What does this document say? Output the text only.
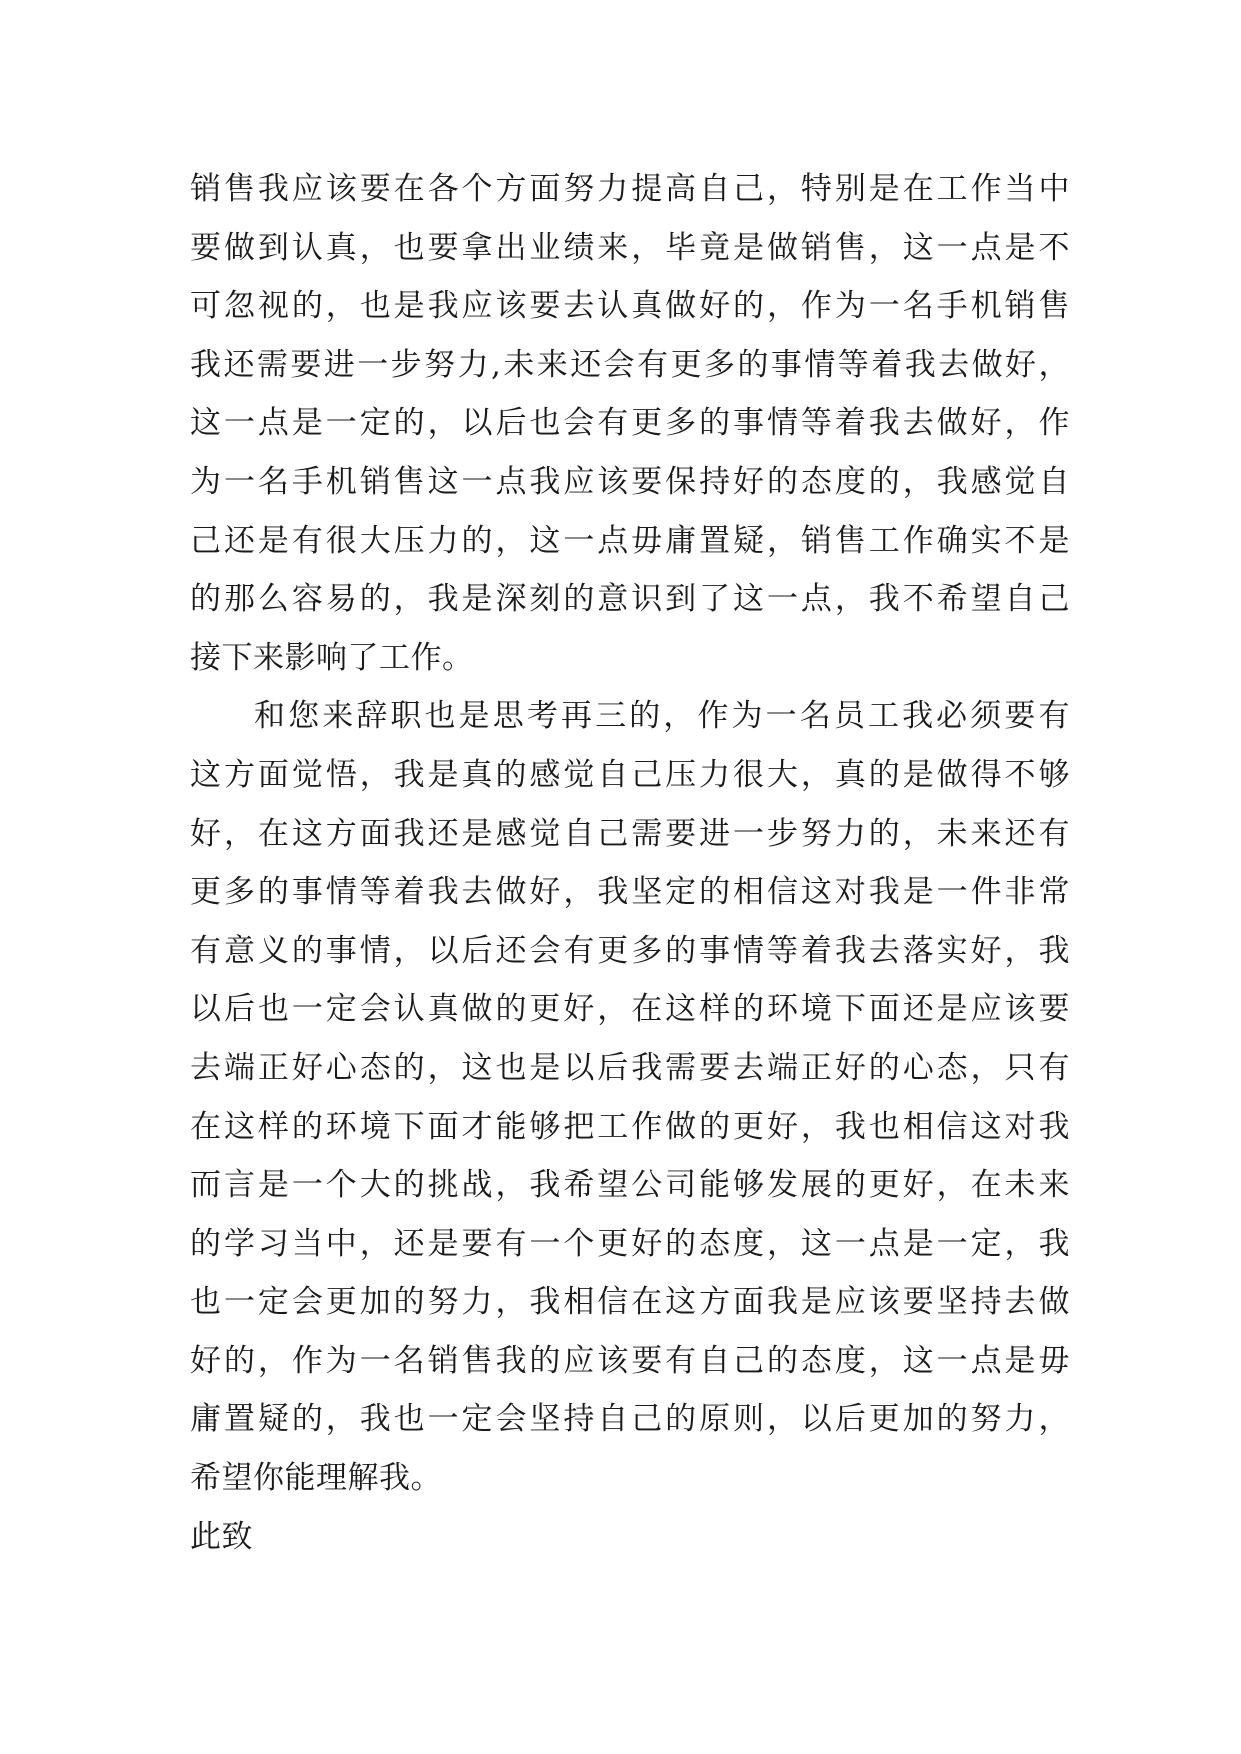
销售我应该要在各个方面努力提高自己，特别是在工作当中
要做到认真，也要拿出业绩来，毕竟是做销售，这一点是不
可忽视的，也是我应该要去认真做好的，作为一名手机销售
我还需要进一步努力,未来还会有更多的事情等着我去做好，
这一点是一定的，以后也会有更多的事情等着我去做好，作
为一名手机销售这一点我应该要保持好的态度的，我感觉自
己还是有很大压力的，这一点毋庸置疑，销售工作确实不是
的那么容易的，我是深刻的意识到了这一点，我不希望自己
接下来影响了工作。
和您来辞职也是思考再三的，作为一名员工我必须要有
这方面觉悟，我是真的感觉自己压力很大，真的是做得不够
好，在这方面我还是感觉自己需要进一步努力的，未来还有
更多的事情等着我去做好，我坚定的相信这对我是一件非常
有意义的事情，以后还会有更多的事情等着我去落实好，我
以后也一定会认真做的更好，在这样的环境下面还是应该要
去端正好心态的，这也是以后我需要去端正好的心态，只有
在这样的环境下面才能够把工作做的更好，我也相信这对我
而言是一个大的挑战，我希望公司能够发展的更好，在未来
的学习当中，还是要有一个更好的态度，这一点是一定，我
也一定会更加的努力，我相信在这方面我是应该要坚持去做
好的，作为一名销售我的应该要有自己的态度，这一点是毋
庸置疑的，我也一定会坚持自己的原则，以后更加的努力，
希望你能理解我。
此致
